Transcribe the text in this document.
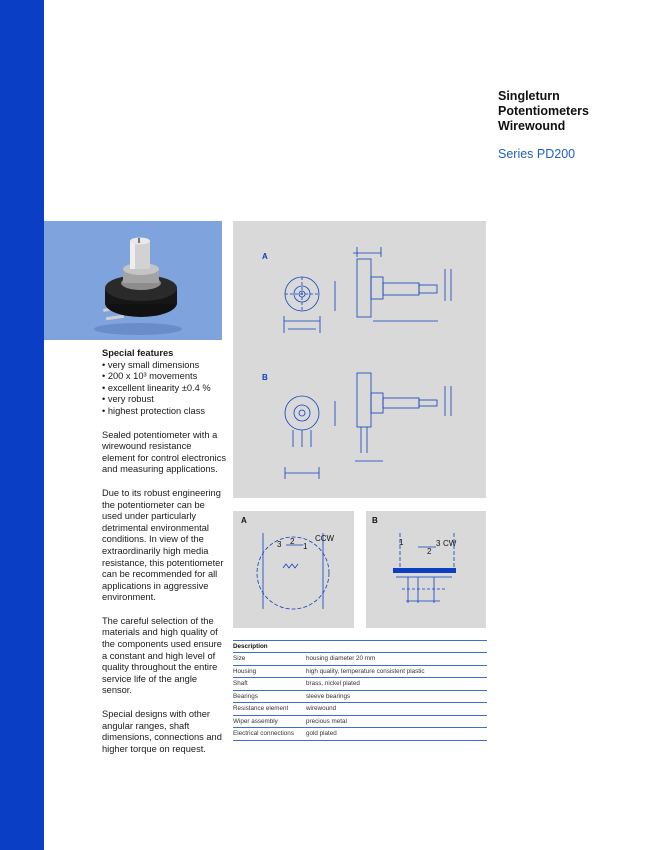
Singleturn
Potentiometers
Wirewound
Series PD200
Special features
• very small dimensions
• 200 x 10³ movements
• excellent linearity ±0.4 %
• very robust
• highest protection class

Sealed potentiometer with a wirewound resistance element for control electronics and measuring applications.

Due to its robust engineering the potentiometer can be used under particularly detrimental environmental conditions. In view of the extraordinarily high media resistance, this potentiometer can be recommended for all applications in aggressive environment.

The careful selection of the materials and high quality of the components used ensure a constant and high level of quality throughout the entire service life of the angle sensor.

Special designs with other angular ranges, shaft dimensions, connections and higher torque on request.

A
B
A
3 2
1
CCW
B
1
2
3 CW
Description
Size	housing diameter 20 mm
Housing	high quality, temperature consistent plastic
Shaft	brass, nickel plated
Bearings	sleeve bearings
Resistance element	wirewound
Wiper assembly	precious metal
Electrical connections	gold plated
